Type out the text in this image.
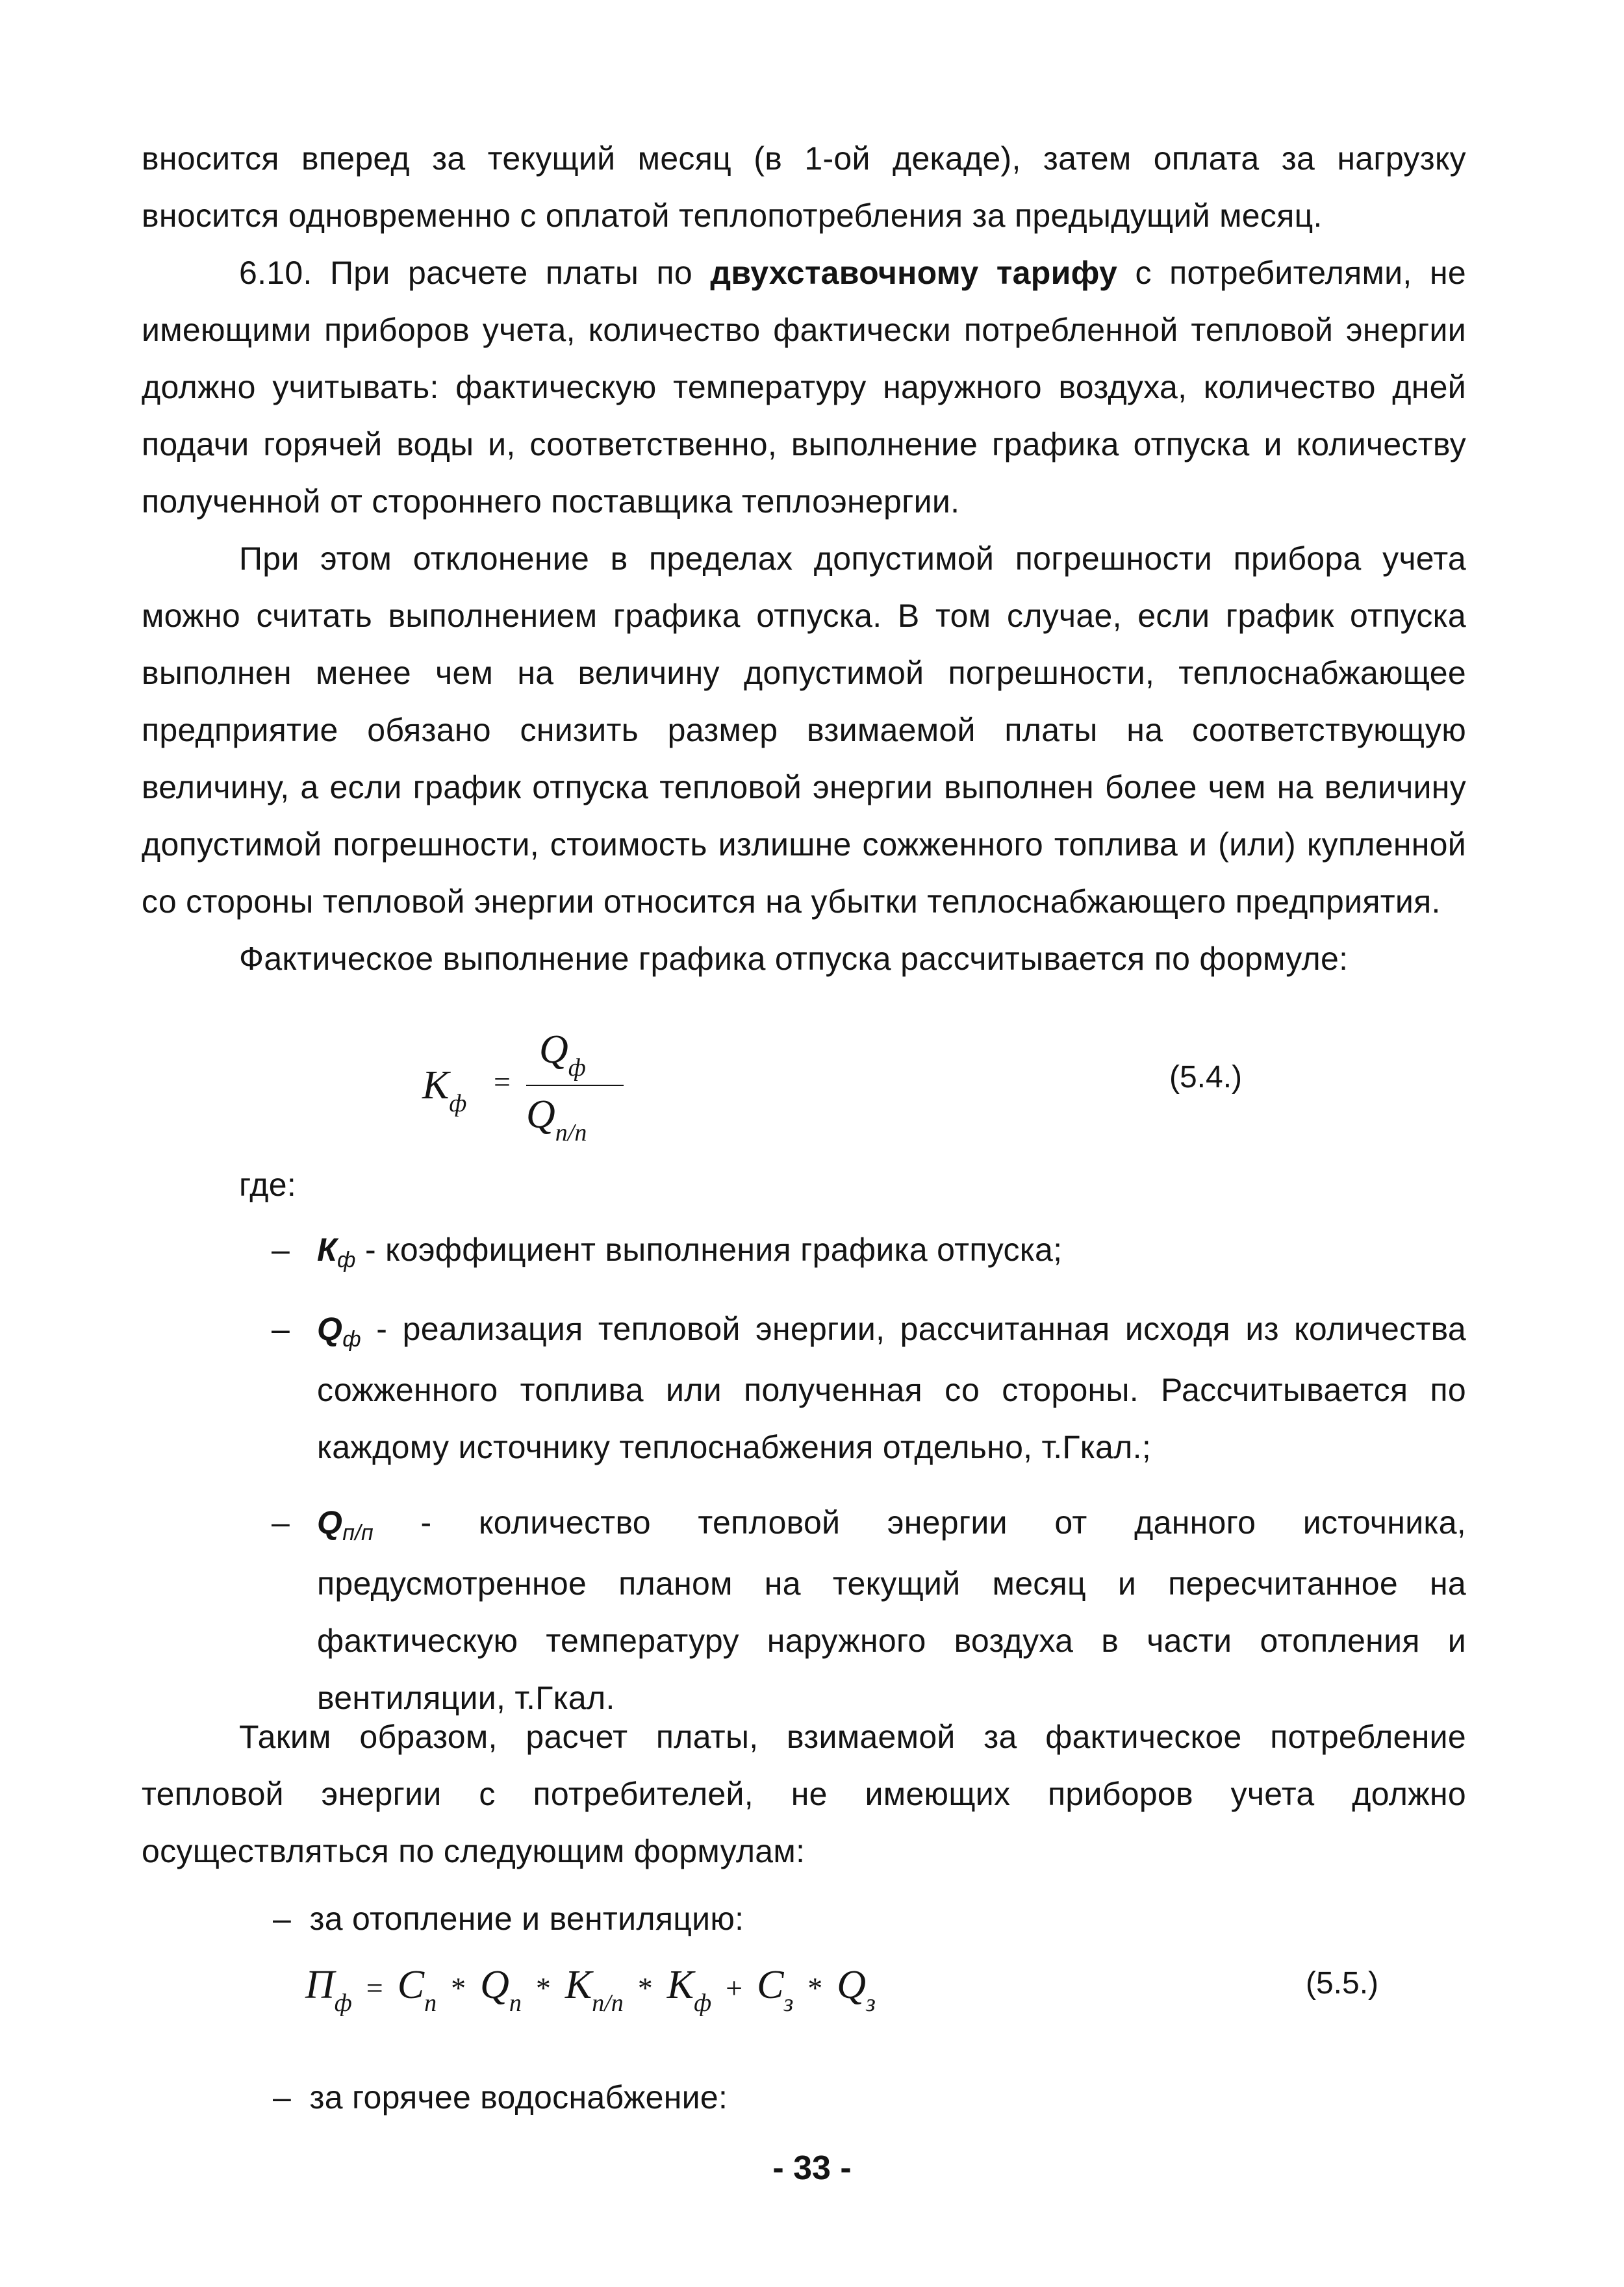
вносится вперед за текущий месяц (в 1-ой декаде), затем оплата за нагрузку вносится одновременно с оплатой теплопотребления за предыдущий месяц.

6.10. При расчете платы по двухставочному тарифу с потребителями, не имеющими приборов учета, количество фактически потребленной тепловой энергии должно учитывать: фактическую температуру наружного воздуха, количество дней подачи горячей воды и, соответственно, выполнение графика отпуска и количеству полученной от стороннего поставщика теплоэнергии.

При этом отклонение в пределах допустимой погрешности прибора учета можно считать выполнением графика отпуска. В том случае, если график отпуска выполнен менее чем на величину допустимой погрешности, теплоснабжающее предприятие обязано снизить размер взимаемой платы на соответствующую величину, а если график отпуска тепловой энергии выполнен более чем на величину допустимой погрешности, стоимость излишне сожженного топлива и (или) купленной со стороны тепловой энергии относится на убытки теплоснабжающего предприятия.

Фактическое выполнение графика отпуска рассчитывается по формуле:

$K_ф$
=
$Q_ф$
$Q_{п/п}$
(5.4.)
где:
– $К_ф$ - коэффициент выполнения графика отпуска;
– $Q_ф$ - реализация тепловой энергии, рассчитанная исходя из количества сожженного топлива или полученная со стороны. Рассчитывается по каждому источнику теплоснабжения отдельно, т.Гкал.;
– $Q_{п/п}$ - количество тепловой энергии от данного источника, предусмотренное планом на текущий месяц и пересчитанное на фактическую температуру наружного воздуха в части отопления и вентиляции, т.Гкал.

Таким образом, расчет платы, взимаемой за фактическое потребление тепловой энергии с потребителей, не имеющих приборов учета должно осуществляться по следующим формулам:

– за отопление и вентиляцию:
$П_ф = C_п * Q_п * K_{п/п} * K_ф + C_з * Q_з$
(5.5.)
– за горячее водоснабжение:
- 33 -
